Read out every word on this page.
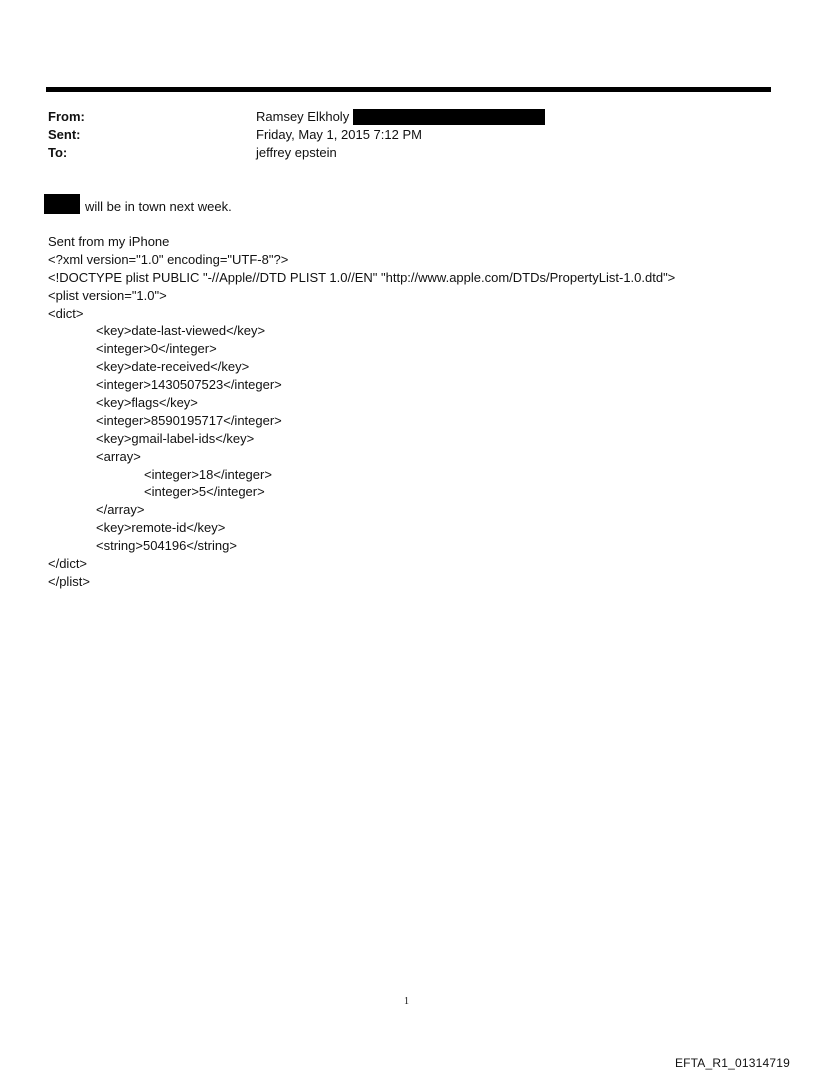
From:	Ramsey Elkholy
Sent:	Friday, May 1, 2015 7:12 PM
To:	jeffrey epstein
will be in town next week.
Sent from my iPhone
<?xml version="1.0" encoding="UTF-8"?>
<!DOCTYPE plist PUBLIC "-//Apple//DTD PLIST 1.0//EN" "http://www.apple.com/DTDs/PropertyList-1.0.dtd">
<plist version="1.0">
<dict>
<key>date-last-viewed</key>
<integer>0</integer>
<key>date-received</key>
<integer>1430507523</integer>
<key>flags</key>
<integer>8590195717</integer>
<key>gmail-label-ids</key>
<array>
<integer>18</integer>
<integer>5</integer>
</array>
<key>remote-id</key>
<string>504196</string>
</dict>
</plist>
1
EFTA_R1_01314719
